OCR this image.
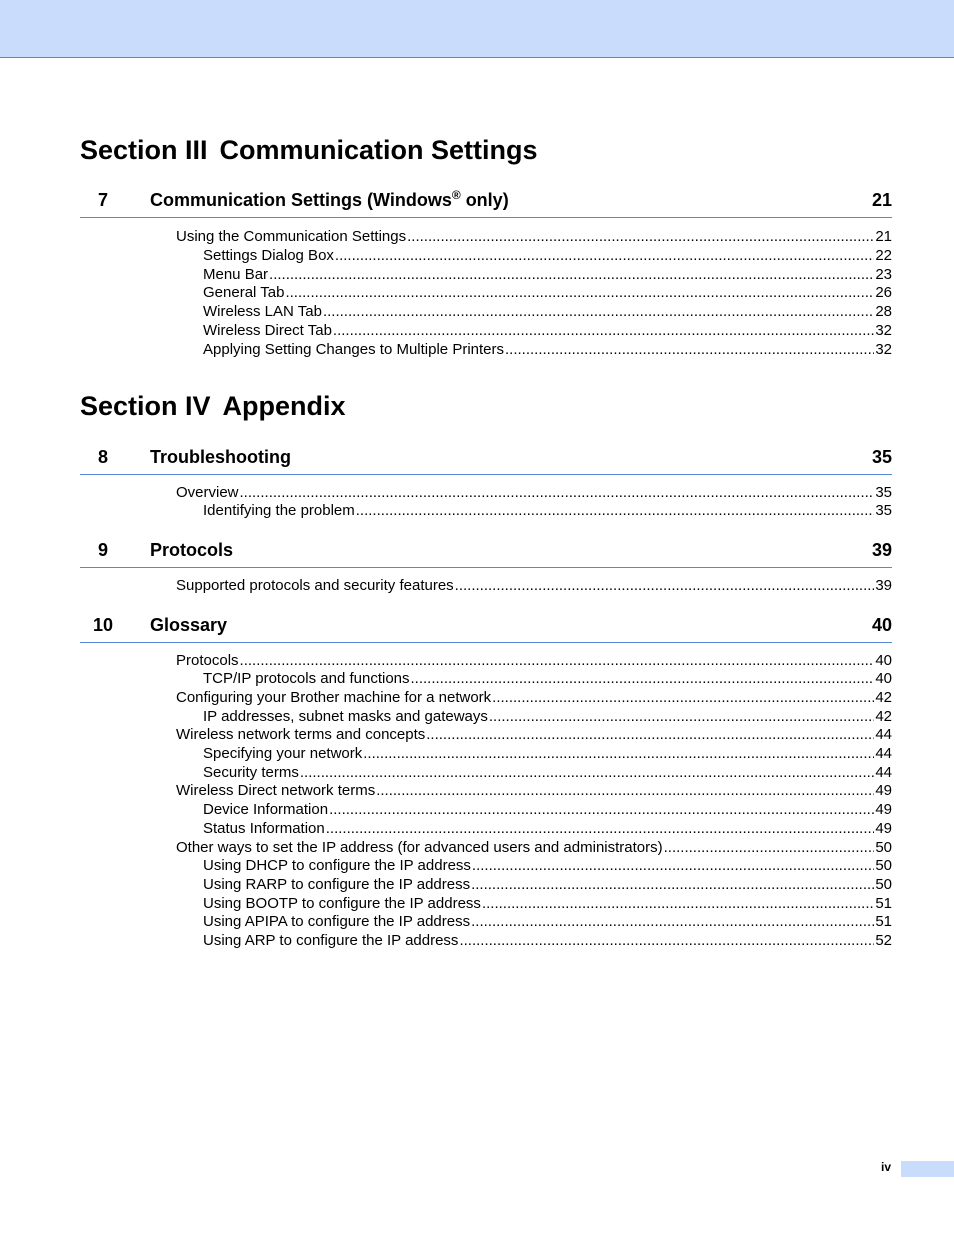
Section III Communication Settings
7	Communication Settings (Windows® only)	21
Using the Communication Settings .....	21
Settings Dialog Box .....	22
Menu Bar .....	23
General Tab .....	26
Wireless LAN Tab .....	28
Wireless Direct Tab .....	32
Applying Setting Changes to Multiple Printers .....	32
Section IV Appendix
8	Troubleshooting	35
Overview .....	35
Identifying the problem .....	35
9	Protocols	39
Supported protocols and security features .....	39
10	Glossary	40
Protocols .....	40
TCP/IP protocols and functions .....	40
Configuring your Brother machine for a network .....	42
IP addresses, subnet masks and gateways .....	42
Wireless network terms and concepts .....	44
Specifying your network .....	44
Security terms .....	44
Wireless Direct network terms .....	49
Device Information .....	49
Status Information .....	49
Other ways to set the IP address (for advanced users and administrators) .....	50
Using DHCP to configure the IP address .....	50
Using RARP to configure the IP address .....	50
Using BOOTP to configure the IP address .....	51
Using APIPA to configure the IP address .....	51
Using ARP to configure the IP address .....	52
iv
